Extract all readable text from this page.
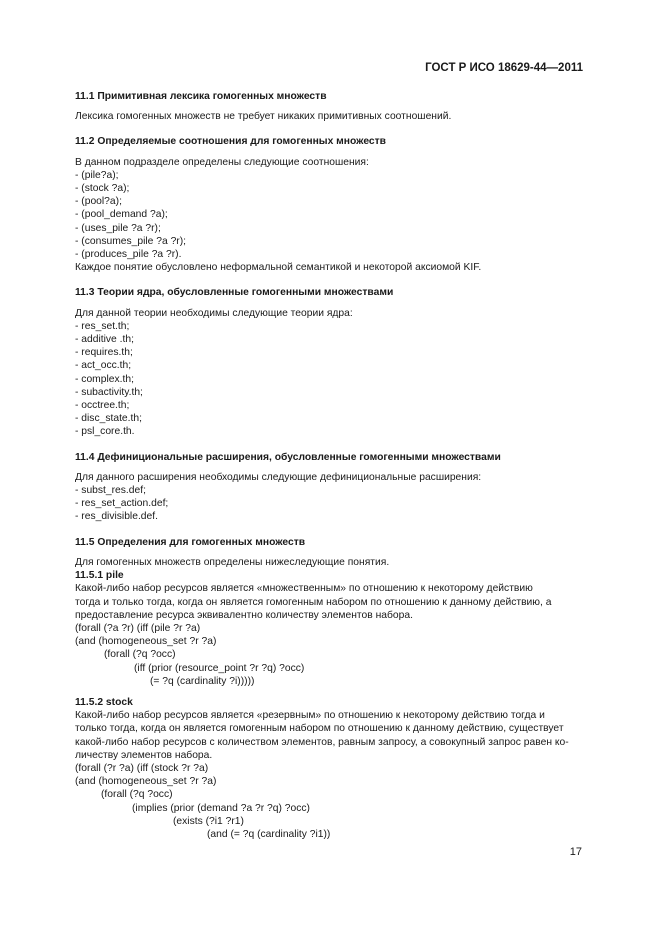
ГОСТ Р ИСО 18629-44—2011
11.1 Примитивная лексика гомогенных множеств
Лексика гомогенных множеств не требует никаких примитивных соотношений.
11.2 Определяемые соотношения для гомогенных множеств
В данном подразделе определены следующие соотношения:
- (pile?a);
- (stock ?a);
- (pool?a);
- (pool_demand ?a);
- (uses_pile ?a ?r);
- (consumes_pile ?a ?r);
- (produces_pile ?a ?r).
Каждое понятие обусловлено неформальной семантикой и некоторой аксиомой KIF.
11.3 Теории ядра, обусловленные гомогенными множествами
Для данной теории необходимы следующие теории ядра:
- res_set.th;
- additive .th;
- requires.th;
- act_occ.th;
- complex.th;
- subactivity.th;
- occtree.th;
- disc_state.th;
- psl_core.th.
11.4 Дефинициональные расширения, обусловленные гомогенными множествами
Для данного расширения необходимы следующие дефинициональные расширения:
- subst_res.def;
- res_set_action.def;
- res_divisible.def.
11.5 Определения для гомогенных множеств
Для гомогенных множеств определены нижеследующие понятия.
11.5.1 pile
Какой-либо набор ресурсов является «множественным» по отношению к некоторому действию
тогда и только тогда, когда он является гомогенным набором по отношению к данному действию, а
предоставление ресурса эквивалентно количеству элементов набора.
(forall (?a ?r) (iff (pile ?r ?a)
(and (homogeneous_set ?r ?a)
(forall (?q ?occ)
(iff (prior (resource_point ?r ?q) ?occ)
(= ?q (cardinality ?i)))))
11.5.2 stock
Какой-либо набор ресурсов является «резервным» по отношению к некоторому действию тогда и
только тогда, когда он является гомогенным набором по отношению к данному действию, существует
какой-либо набор ресурсов с количеством элементов, равным запросу, а совокупный запрос равен ко-
личеству элементов набора.
(forall (?r ?a) (iff (stock ?r ?a)
(and (homogeneous_set ?r ?a)
(forall (?q ?occ)
(implies (prior (demand ?a ?r ?q) ?occ)
(exists (?i1 ?r1)
(and (= ?q (cardinality ?i1))
17
